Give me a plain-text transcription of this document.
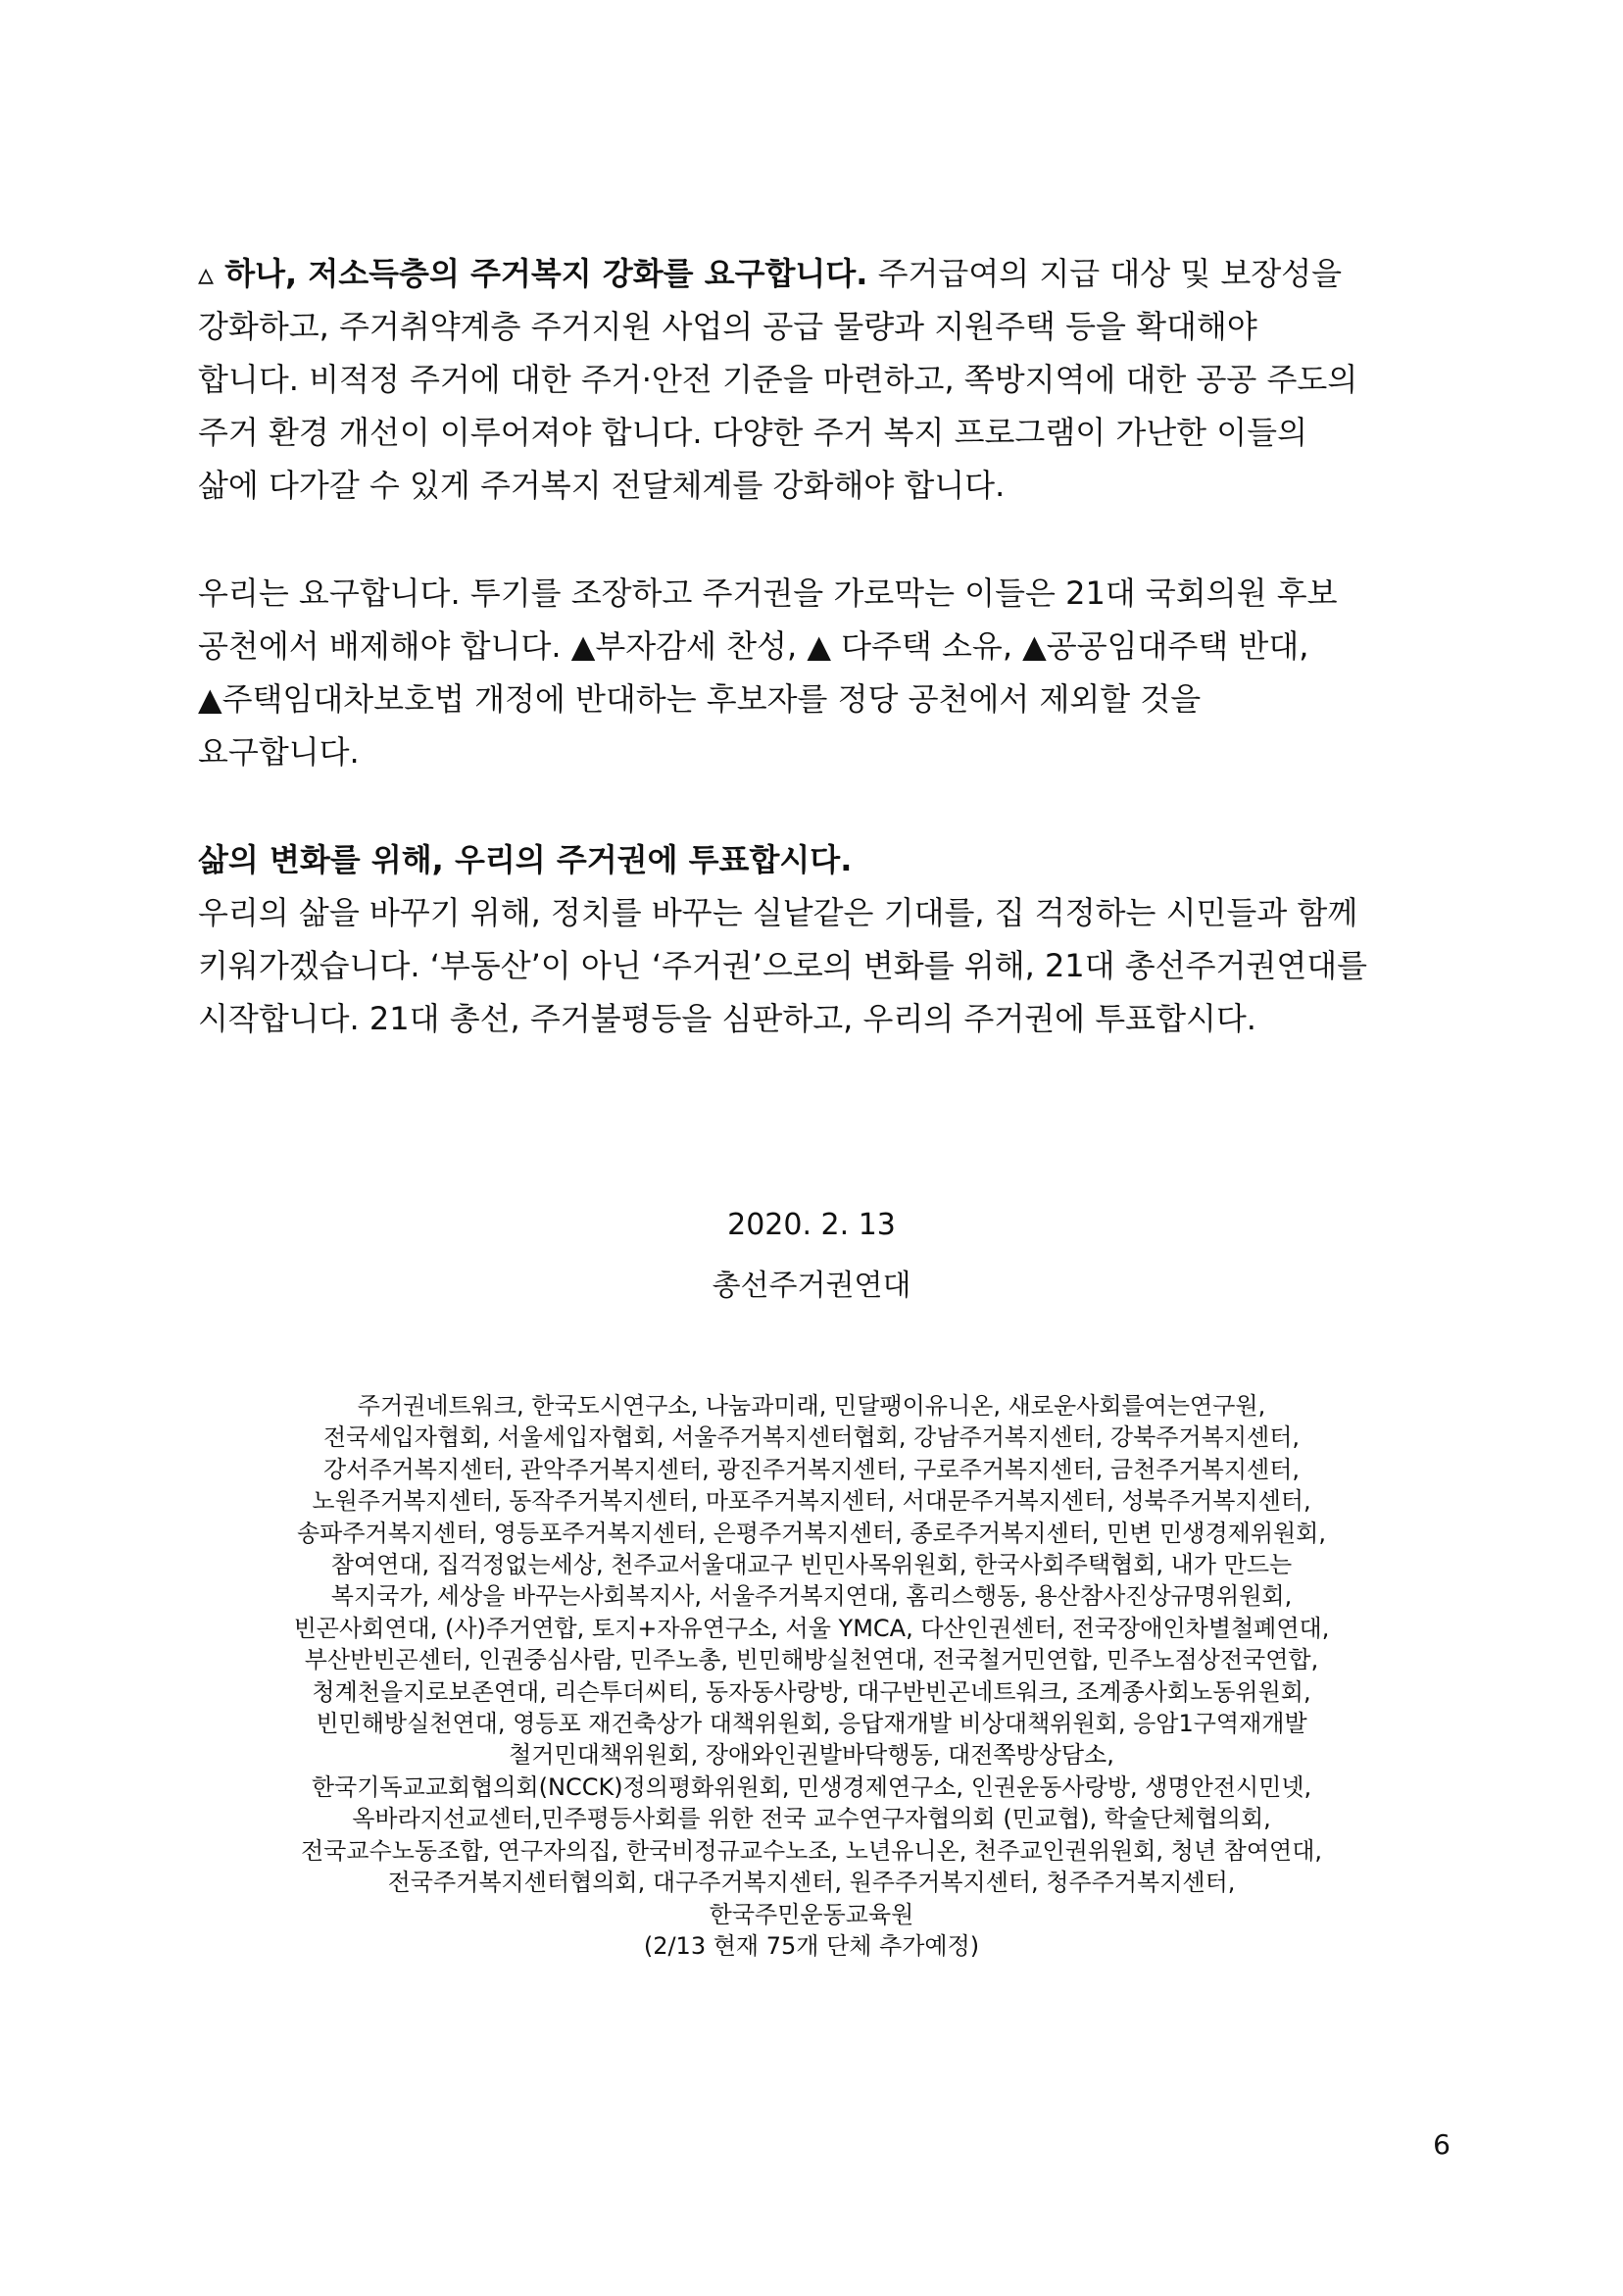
▵ 하나, 저소득층의 주거복지 강화를 요구합니다. 주거급여의 지급 대상 및 보장성을
강화하고, 주거취약계층 주거지원 사업의 공급 물량과 지원주택 등을 확대해야
합니다. 비적정 주거에 대한 주거·안전 기준을 마련하고, 쪽방지역에 대한 공공 주도의
주거 환경 개선이 이루어져야 합니다. 다양한 주거 복지 프로그램이 가난한 이들의
삶에 다가갈 수 있게 주거복지 전달체계를 강화해야 합니다.

우리는 요구합니다. 투기를 조장하고 주거권을 가로막는 이들은 21대 국회의원 후보
공천에서 배제해야 합니다. ▲부자감세 찬성, ▲ 다주택 소유, ▲공공임대주택 반대,
▲주택임대차보호법 개정에 반대하는 후보자를 정당 공천에서 제외할 것을
요구합니다.

삶의 변화를 위해, 우리의 주거권에 투표합시다.
우리의 삶을 바꾸기 위해, 정치를 바꾸는 실낱같은 기대를, 집 걱정하는 시민들과 함께
키워가겠습니다. ‘부동산’이 아닌 ‘주거권’으로의 변화를 위해, 21대 총선주거권연대를
시작합니다. 21대 총선, 주거불평등을 심판하고, 우리의 주거권에 투표합시다.

2020. 2. 13
총선주거권연대
주거권네트워크, 한국도시연구소, 나눔과미래, 민달팽이유니온, 새로운사회를여는연구원,
전국세입자협회, 서울세입자협회, 서울주거복지센터협회, 강남주거복지센터, 강북주거복지센터,
강서주거복지센터, 관악주거복지센터, 광진주거복지센터, 구로주거복지센터, 금천주거복지센터,
노원주거복지센터, 동작주거복지센터, 마포주거복지센터, 서대문주거복지센터, 성북주거복지센터,
송파주거복지센터, 영등포주거복지센터, 은평주거복지센터, 종로주거복지센터, 민변 민생경제위원회,
참여연대, 집걱정없는세상, 천주교서울대교구 빈민사목위원회, 한국사회주택협회, 내가 만드는
복지국가, 세상을 바꾸는사회복지사, 서울주거복지연대, 홈리스행동, 용산참사진상규명위원회,
빈곤사회연대, (사)주거연합, 토지+자유연구소, 서울 YMCA, 다산인권센터, 전국장애인차별철폐연대,
부산반빈곤센터, 인권중심사람, 민주노총, 빈민해방실천연대, 전국철거민연합, 민주노점상전국연합,
청계천을지로보존연대, 리슨투더씨티, 동자동사랑방, 대구반빈곤네트워크, 조계종사회노동위원회,
빈민해방실천연대, 영등포 재건축상가 대책위원회, 응답재개발 비상대책위원회, 응암1구역재개발
철거민대책위원회, 장애와인권발바닥행동, 대전쪽방상담소,
한국기독교교회협의회(NCCK)정의평화위원회, 민생경제연구소, 인권운동사랑방, 생명안전시민넷,
옥바라지선교센터,민주평등사회를 위한 전국 교수연구자협의회 (민교협), 학술단체협의회,
전국교수노동조합, 연구자의집, 한국비정규교수노조, 노년유니온, 천주교인권위원회, 청년 참여연대,
전국주거복지센터협의회, 대구주거복지센터, 원주주거복지센터, 청주주거복지센터,
한국주민운동교육원
(2/13 현재 75개 단체 추가예정)
6
